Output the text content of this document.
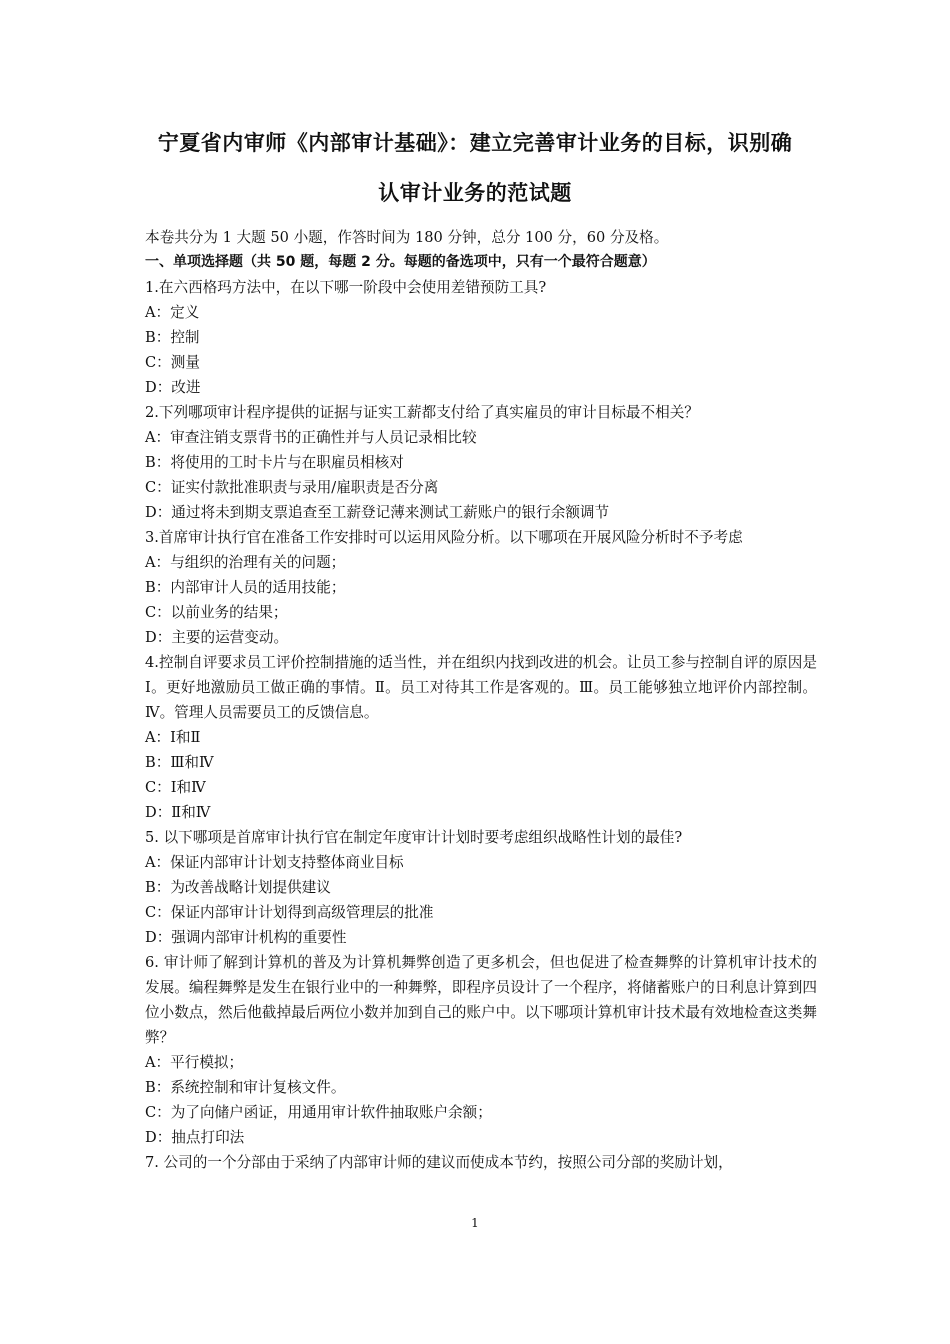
宁夏省内审师《内部审计基础》：建立完善审计业务的目标，识别确
认审计业务的范试题

本卷共分为 1 大题 50 小题，作答时间为 180 分钟，总分 100 分，60 分及格。

一、单项选择题（共 50 题，每题 2 分。每题的备选项中，只有一个最符合题意）

1.在六西格玛方法中，在以下哪一阶段中会使用差错预防工具?

A：定义

B：控制

C：测量

D：改进

2.下列哪项审计程序提供的证据与证实工薪都支付给了真实雇员的审计目标最不相关？

A：审查注销支票背书的正确性并与人员记录相比较

B：将使用的工时卡片与在职雇员相核对

C：证实付款批准职责与录用/雇职责是否分离

D：通过将未到期支票追查至工薪登记薄来测试工薪账户的银行余额调节

3.首席审计执行官在准备工作安排时可以运用风险分析。以下哪项在开展风险分析时不予考虑

A：与组织的治理有关的问题；

B：内部审计人员的适用技能；

C：以前业务的结果；

D：主要的运营变动。

4.控制自评要求员工评价控制措施的适当性，并在组织内找到改进的机会。让员工参与控制自评的原因是Ⅰ。更好地激励员工做正确的事情。Ⅱ。员工对待其工作是客观的。Ⅲ。员工能够独立地评价内部控制。Ⅳ。管理人员需要员工的反馈信息。

A：Ⅰ和Ⅱ

B：Ⅲ和Ⅳ

C：Ⅰ和Ⅳ

D：Ⅱ和Ⅳ

5. 以下哪项是首席审计执行官在制定年度审计计划时要考虑组织战略性计划的最佳?

A：保证内部审计计划支持整体商业目标

B：为改善战略计划提供建议

C：保证内部审计计划得到高级管理层的批准

D：强调内部审计机构的重要性

6. 审计师了解到计算机的普及为计算机舞弊创造了更多机会，但也促进了检查舞弊的计算机审计技术的发展。编程舞弊是发生在银行业中的一种舞弊，即程序员设计了一个程序，将储蓄账户的日利息计算到四位小数点，然后他截掉最后两位小数并加到自己的账户中。以下哪项计算机审计技术最有效地检查这类舞弊？

A：平行模拟；

B：系统控制和审计复核文件。

C：为了向储户函证，用通用审计软件抽取账户余额；

D：抽点打印法

7. 公司的一个分部由于采纳了内部审计师的建议而使成本节约，按照公司分部的奖励计划，

1
